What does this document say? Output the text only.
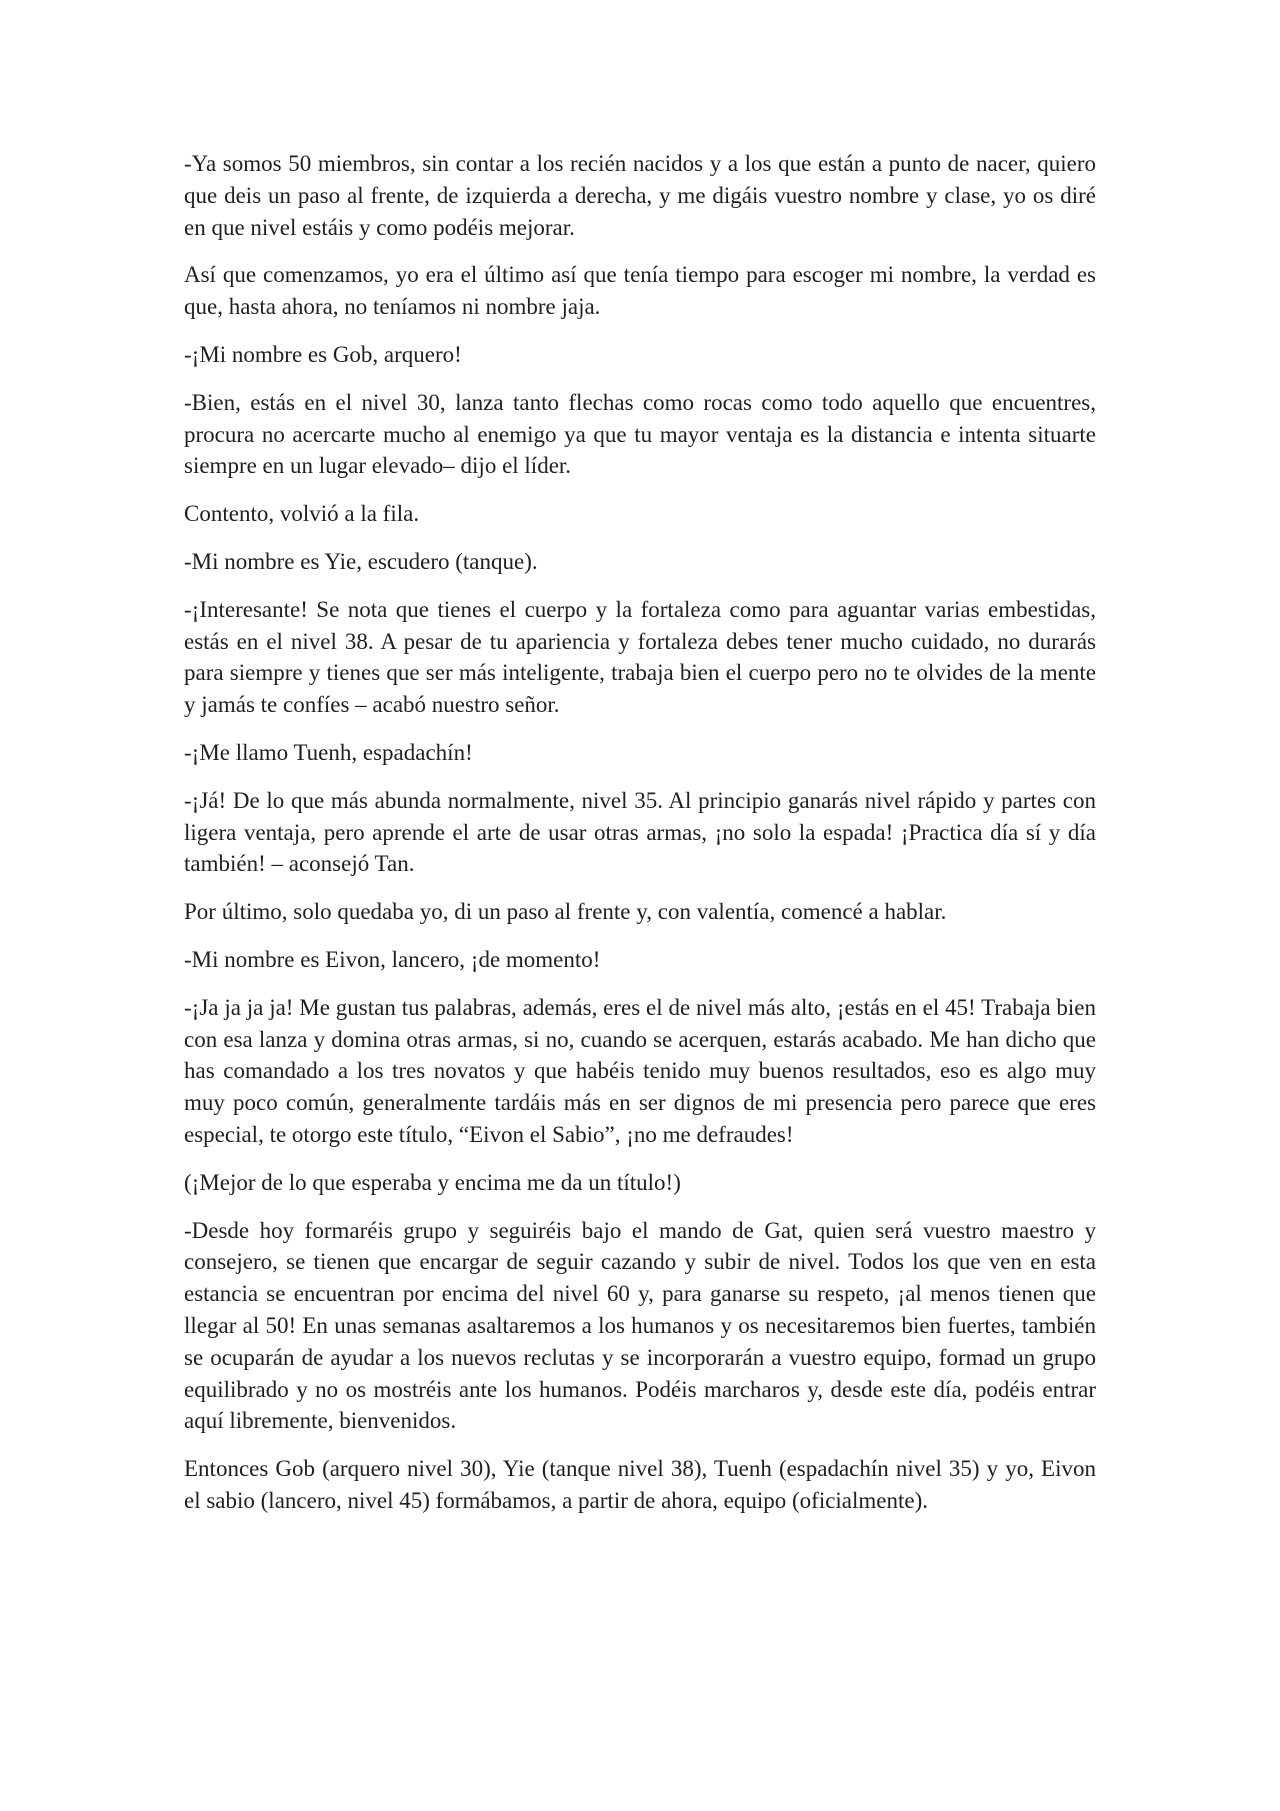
-Ya somos 50 miembros, sin contar a los recién nacidos y a los que están a punto de nacer, quiero que deis un paso al frente, de izquierda a derecha, y me digáis vuestro nombre y clase, yo os diré en que nivel estáis y como podéis mejorar.

Así que comenzamos, yo era el último así que tenía tiempo para escoger mi nombre, la verdad es que, hasta ahora, no teníamos ni nombre jaja.

-¡Mi nombre es Gob, arquero!

-Bien, estás en el nivel 30, lanza tanto flechas como rocas como todo aquello que encuentres, procura no acercarte mucho al enemigo ya que tu mayor ventaja es la distancia e intenta situarte siempre en un lugar elevado– dijo el líder.

Contento, volvió a la fila.

-Mi nombre es Yie, escudero (tanque).

-¡Interesante! Se nota que tienes el cuerpo y la fortaleza como para aguantar varias embestidas, estás en el nivel 38. A pesar de tu apariencia y fortaleza debes tener mucho cuidado, no durarás para siempre y tienes que ser más inteligente, trabaja bien el cuerpo pero no te olvides de la mente y jamás te confíes – acabó nuestro señor.

-¡Me llamo Tuenh, espadachín!

-¡Já! De lo que más abunda normalmente, nivel 35. Al principio ganarás nivel rápido y partes con ligera ventaja, pero aprende el arte de usar otras armas, ¡no solo la espada! ¡Practica día sí y día también! – aconsejó Tan.

Por último, solo quedaba yo, di un paso al frente y, con valentía, comencé a hablar.

-Mi nombre es Eivon, lancero, ¡de momento!

-¡Ja ja ja ja! Me gustan tus palabras, además, eres el de nivel más alto, ¡estás en el 45! Trabaja bien con esa lanza y domina otras armas, si no, cuando se acerquen, estarás acabado. Me han dicho que has comandado a los tres novatos y que habéis tenido muy buenos resultados, eso es algo muy muy poco común, generalmente tardáis más en ser dignos de mi presencia pero parece que eres especial, te otorgo este título, “Eivon el Sabio”, ¡no me defraudes!

(¡Mejor de lo que esperaba y encima me da un título!)

-Desde hoy formaréis grupo y seguiréis bajo el mando de Gat, quien será vuestro maestro y consejero, se tienen que encargar de seguir cazando y subir de nivel. Todos los que ven en esta estancia se encuentran por encima del nivel 60 y, para ganarse su respeto, ¡al menos tienen que llegar al 50! En unas semanas asaltaremos a los humanos y os necesitaremos bien fuertes, también se ocuparán de ayudar a los nuevos reclutas y se incorporarán a vuestro equipo, formad un grupo equilibrado y no os mostréis ante los humanos. Podéis marcharos y, desde este día, podéis entrar aquí libremente, bienvenidos.

Entonces Gob (arquero nivel 30), Yie (tanque nivel 38), Tuenh (espadachín nivel 35) y yo, Eivon el sabio (lancero, nivel 45) formábamos, a partir de ahora, equipo (oficialmente).
